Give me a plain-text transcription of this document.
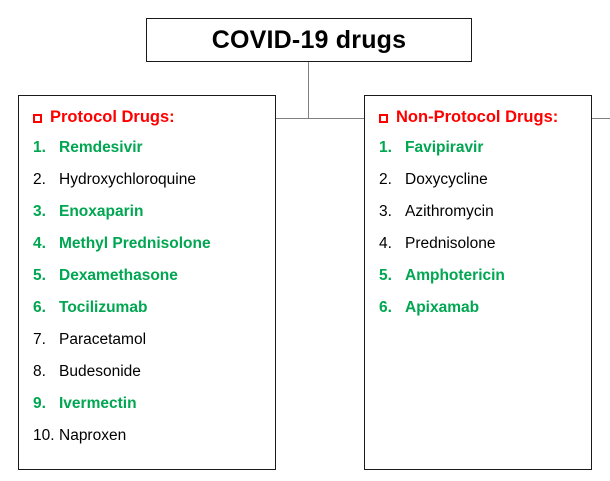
COVID-19 drugs
Protocol Drugs:
1. Remdesivir
2. Hydroxychloroquine
3. Enoxaparin
4. Methyl Prednisolone
5. Dexamethasone
6. Tocilizumab
7. Paracetamol
8. Budesonide
9. Ivermectin
10. Naproxen
Non-Protocol Drugs:
1. Favipiravir
2. Doxycycline
3. Azithromycin
4. Prednisolone
5. Amphotericin
6. Apixamab
